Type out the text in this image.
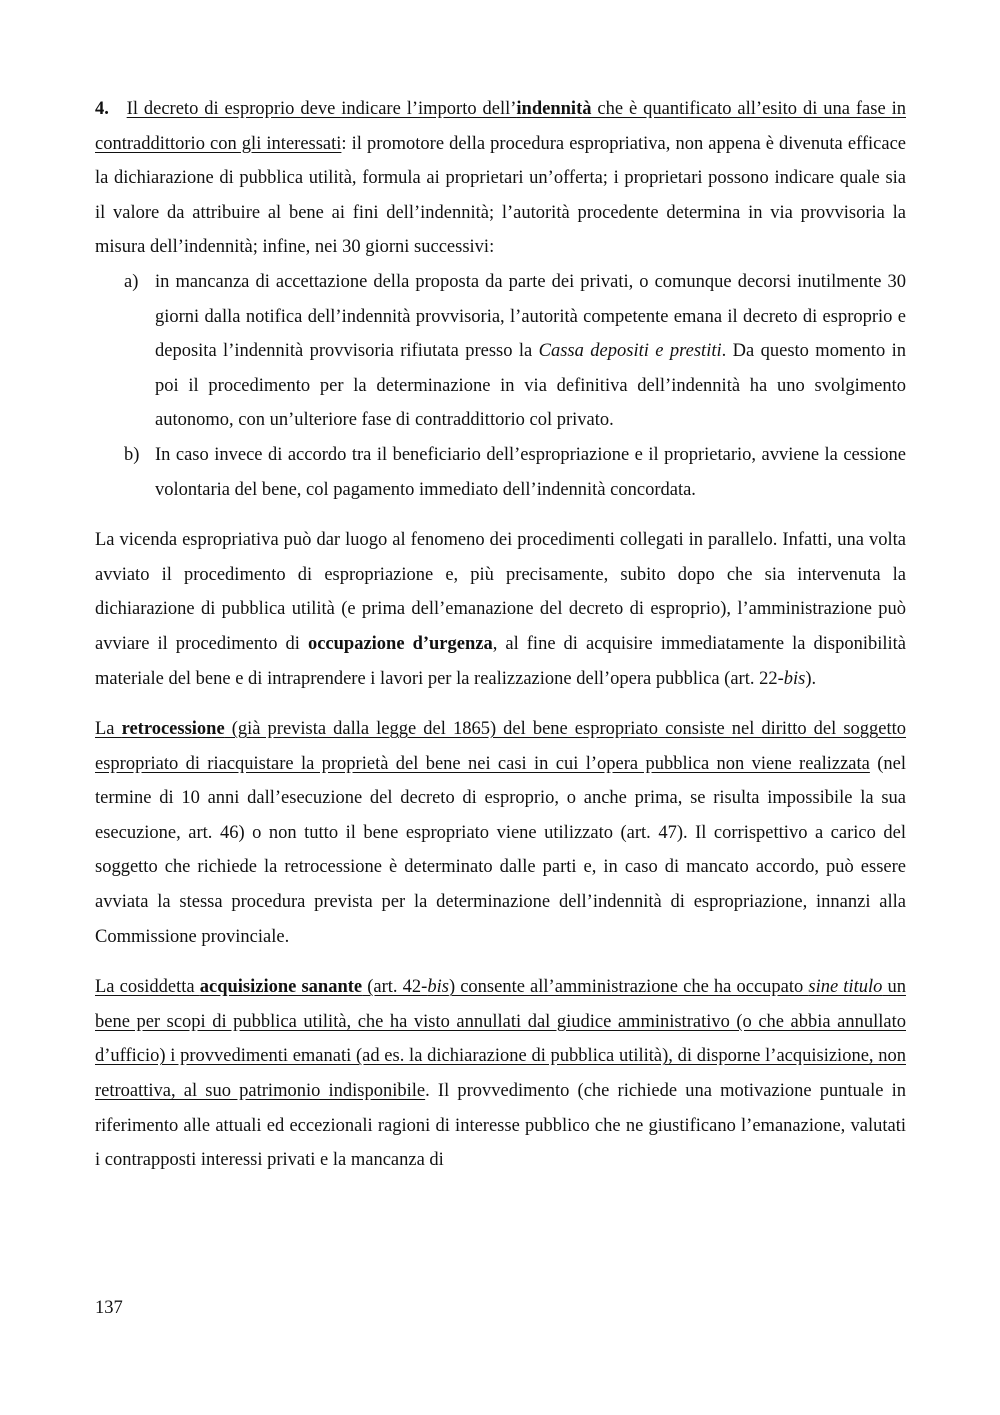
4. Il decreto di esproprio deve indicare l’importo dell’indennità che è quantificato all’esito di una fase in contraddittorio con gli interessati: il promotore della procedura espropriativa, non appena è divenuta efficace la dichiarazione di pubblica utilità, formula ai proprietari un’offerta; i proprietari possono indicare quale sia il valore da attribuire al bene ai fini dell’indennità; l’autorità procedente determina in via provvisoria la misura dell’indennità; infine, nei 30 giorni successivi:

a) in mancanza di accettazione della proposta da parte dei privati, o comunque decorsi inutilmente 30 giorni dalla notifica dell’indennità provvisoria, l’autorità competente emana il decreto di esproprio e deposita l’indennità provvisoria rifiutata presso la Cassa depositi e prestiti. Da questo momento in poi il procedimento per la determinazione in via definitiva dell’indennità ha uno svolgimento autonomo, con un’ulteriore fase di contraddittorio col privato.
b) In caso invece di accordo tra il beneficiario dell’espropriazione e il proprietario, avviene la cessione volontaria del bene, col pagamento immediato dell’indennità concordata.

La vicenda espropriativa può dar luogo al fenomeno dei procedimenti collegati in parallelo. Infatti, una volta avviato il procedimento di espropriazione e, più precisamente, subito dopo che sia intervenuta la dichiarazione di pubblica utilità (e prima dell’emanazione del decreto di esproprio), l’amministrazione può avviare il procedimento di occupazione d’urgenza, al fine di acquisire immediatamente la disponibilità materiale del bene e di intraprendere i lavori per la realizzazione dell’opera pubblica (art. 22-bis).

La retrocessione (già prevista dalla legge del 1865) del bene espropriato consiste nel diritto del soggetto espropriato di riacquistare la proprietà del bene nei casi in cui l’opera pubblica non viene realizzata (nel termine di 10 anni dall’esecuzione del decreto di esproprio, o anche prima, se risulta impossibile la sua esecuzione, art. 46) o non tutto il bene espropriato viene utilizzato (art. 47). Il corrispettivo a carico del soggetto che richiede la retrocessione è determinato dalle parti e, in caso di mancato accordo, può essere avviata la stessa procedura prevista per la determinazione dell’indennità di espropriazione, innanzi alla Commissione provinciale.

La cosiddetta acquisizione sanante (art. 42-bis) consente all’amministrazione che ha occupato sine titulo un bene per scopi di pubblica utilità, che ha visto annullati dal giudice amministrativo (o che abbia annullato d’ufficio) i provvedimenti emanati (ad es. la dichiarazione di pubblica utilità), di disporne l’acquisizione, non retroattiva, al suo patrimonio indisponibile. Il provvedimento (che richiede una motivazione puntuale in riferimento alle attuali ed eccezionali ragioni di interesse pubblico che ne giustificano l’emanazione, valutati i contrapposti interessi privati e la mancanza di

137
